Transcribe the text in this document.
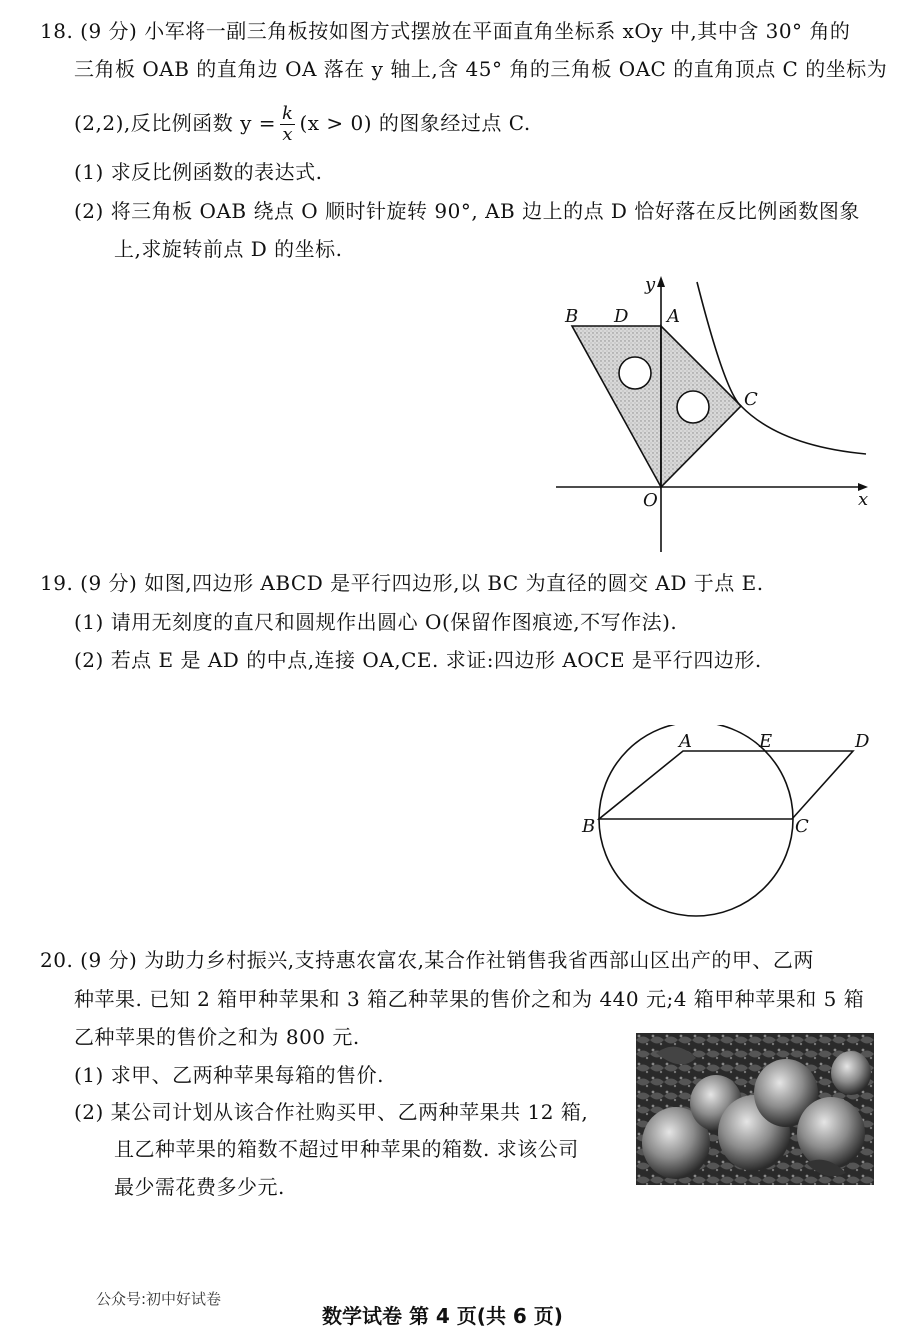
18. (9 分) 小军将一副三角板按如图方式摆放在平面直角坐标系 xOy 中,其中含 30° 角的
三角板 OAB 的直角边 OA 落在 y 轴上,含 45° 角的三角板 OAC 的直角顶点 C 的坐标为
(2,2),反比例函数 $y = \frac{k}{x} (x > 0)$ 的图象经过点 C.
(1) 求反比例函数的表达式.
(2) 将三角板 OAB 绕点 O 顺时针旋转 90°, AB 边上的点 D 恰好落在反比例函数图象
上,求旋转前点 D 的坐标.
y
x
O
A
B D
C
19. (9 分) 如图,四边形 ABCD 是平行四边形,以 BC 为直径的圆交 AD 于点 E.
(1) 请用无刻度的直尺和圆规作出圆心 O(保留作图痕迹,不写作法).
(2) 若点 E 是 AD 的中点,连接 OA,CE. 求证:四边形 AOCE 是平行四边形.
A	E	D
B	C
20. (9 分) 为助力乡村振兴,支持惠农富农,某合作社销售我省西部山区出产的甲、乙两
种苹果. 已知 2 箱甲种苹果和 3 箱乙种苹果的售价之和为 440 元;4 箱甲种苹果和 5 箱
乙种苹果的售价之和为 800 元.
(1) 求甲、乙两种苹果每箱的售价.
(2) 某公司计划从该合作社购买甲、乙两种苹果共 12 箱,
且乙种苹果的箱数不超过甲种苹果的箱数. 求该公司
最少需花费多少元.
公众号:初中好试卷
数学试卷 第 4 页(共 6 页)
